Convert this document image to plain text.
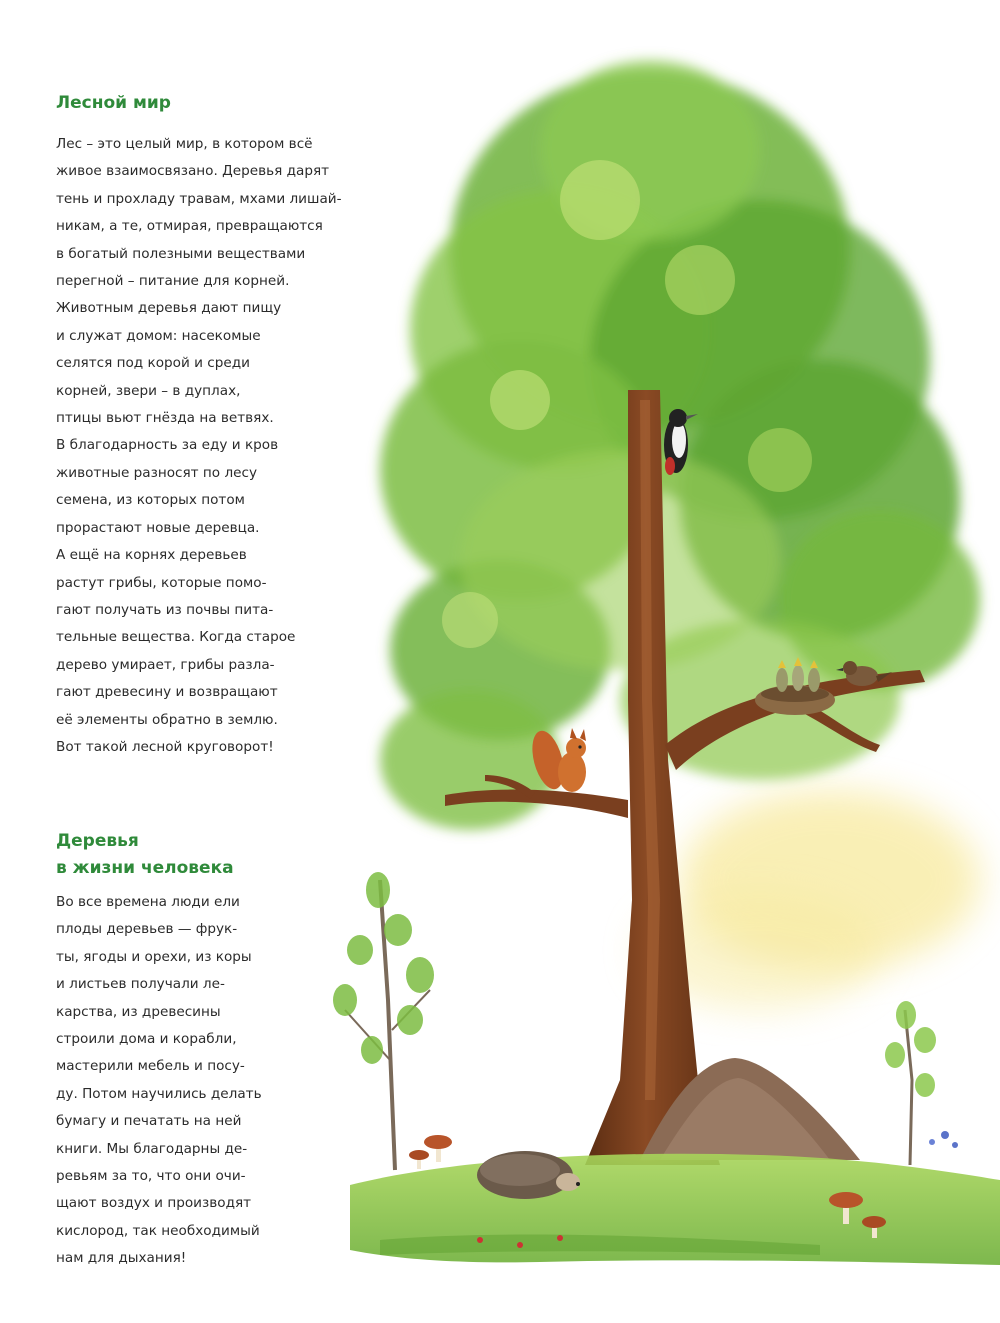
Лесной мир
Лес – это целый мир, в котором всё
живое взаимосвязано. Деревья дарят
тень и прохладу травам, мхами лишай-
никам, а те, отмирая, превращаются
в богатый полезными веществами
перегной – питание для корней.
Животным деревья дают пищу
и служат домом: насекомые
селятся под корой и среди
корней, звери – в дуплах,
птицы вьют гнёзда на ветвях.
В благодарность за еду и кров
животные разносят по лесу
семена, из которых потом
прорастают новые деревца.
А ещё на корнях деревьев
растут грибы, которые помо-
гают получать из почвы пита-
тельные вещества. Когда старое
дерево умирает, грибы разла-
гают древесину и возвращают
её элементы обратно в землю.
Вот такой лесной круговорот!
Деревья
в жизни человека
Во все времена люди ели
плоды деревьев — фрук-
ты, ягоды и орехи, из коры
и листьев получали ле-
карства, из древесины
строили дома и корабли,
мастерили мебель и посу-
ду. Потом научились делать
бумагу и печатать на ней
книги. Мы благодарны де-
ревьям за то, что они очи-
щают воздух и производят
кислород, так необходимый
нам для дыхания!
